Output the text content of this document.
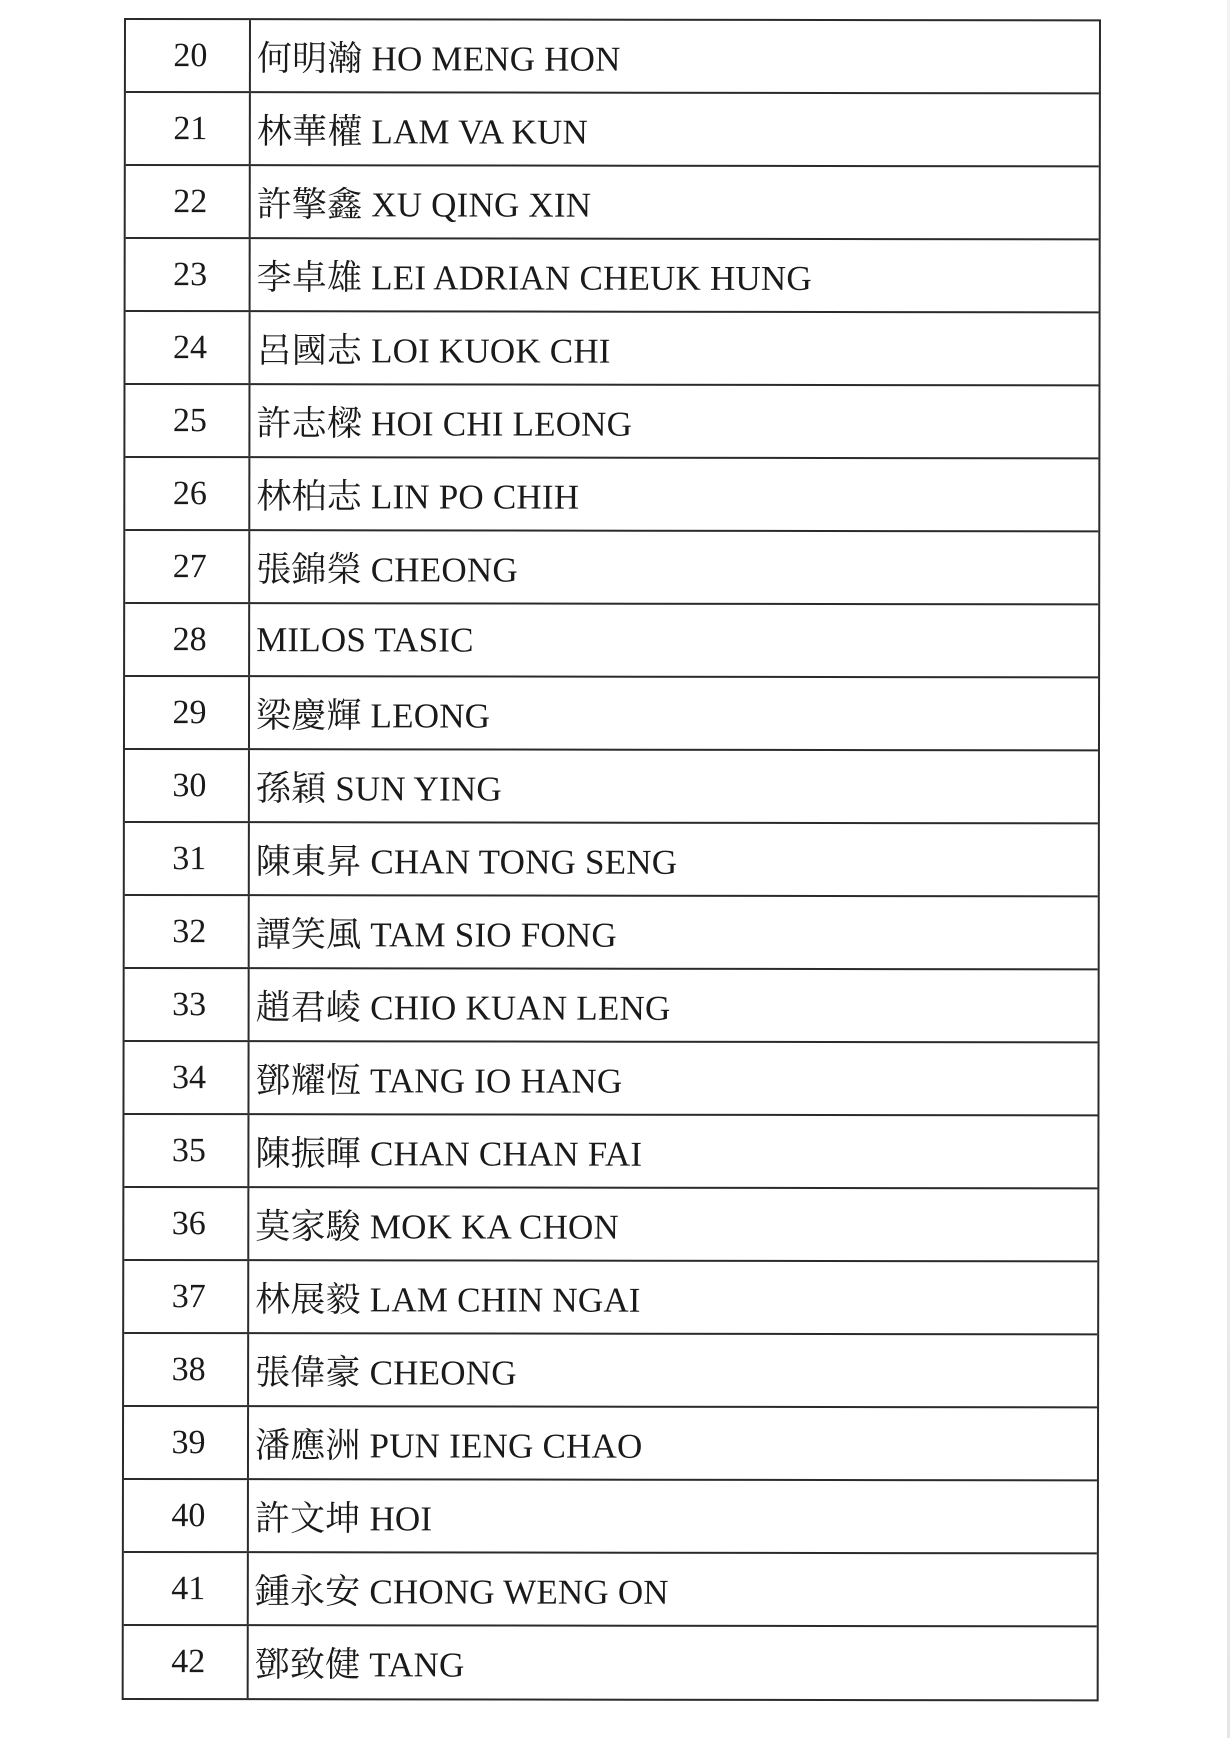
20	何明瀚 HO MENG HON
21	林華權 LAM VA KUN
22	許擎鑫 XU QING XIN
23	李卓雄 LEI ADRIAN CHEUK HUNG
24	呂國志 LOI KUOK CHI
25	許志樑 HOI CHI LEONG
26	林柏志 LIN PO CHIH
27	張錦榮 CHEONG
28	MILOS TASIC
29	梁慶輝 LEONG
30	孫穎 SUN YING
31	陳東昇 CHAN TONG SENG
32	譚笑風 TAM SIO FONG
33	趙君崚 CHIO KUAN LENG
34	鄧耀恆 TANG IO HANG
35	陳振暉 CHAN CHAN FAI
36	莫家駿 MOK KA CHON
37	林展毅 LAM CHIN NGAI
38	張偉豪 CHEONG
39	潘應洲 PUN IENG CHAO
40	許文坤 HOI
41	鍾永安 CHONG WENG ON
42	鄧致健 TANG
